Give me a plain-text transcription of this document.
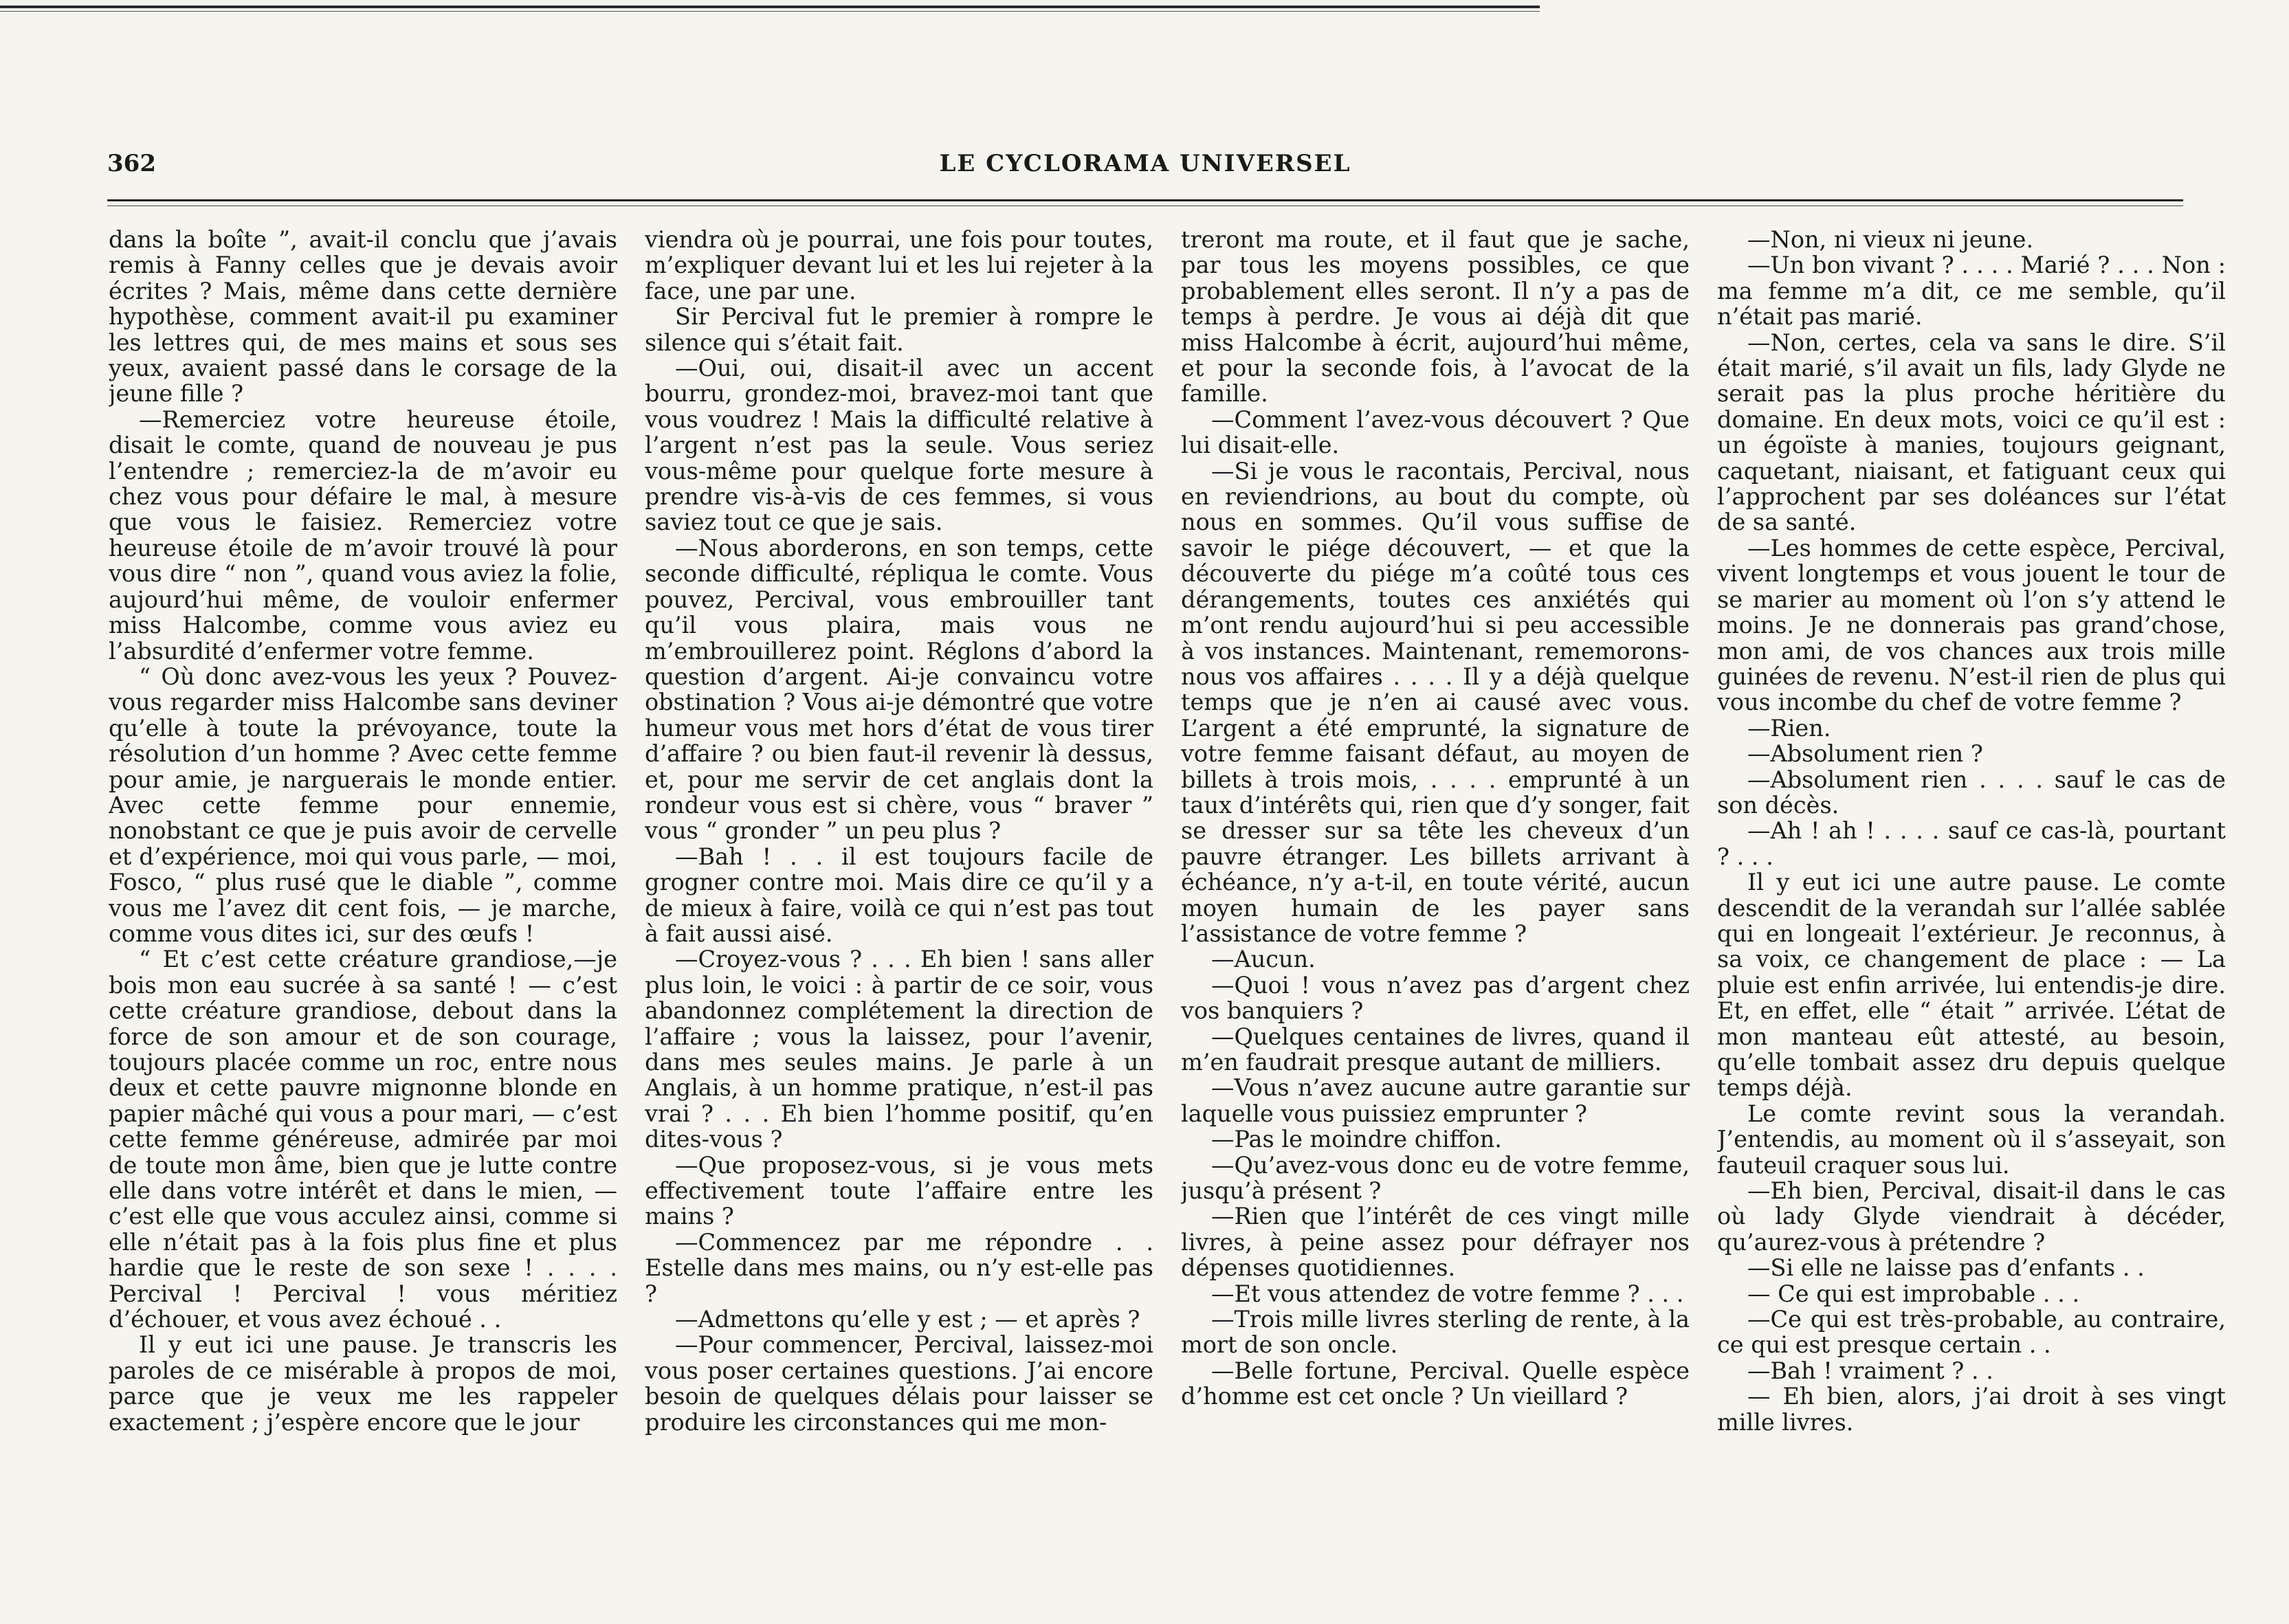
362	LE CYCLORAMA UNIVERSEL

dans la boîte ”, avait-il conclu que j’avais remis à Fanny celles que je devais avoir écrites ? Mais, même dans cette dernière hypothèse, comment avait-il pu examiner les lettres qui, de mes mains et sous ses yeux, avaient passé dans le corsage de la jeune fille ?

—Remerciez votre heureuse étoile, disait le comte, quand de nouveau je pus l’entendre ; remerciez-la de m’avoir eu chez vous pour défaire le mal, à mesure que vous le faisiez. Remerciez votre heureuse étoile de m’avoir trouvé là pour vous dire “ non ”, quand vous aviez la folie, aujourd’hui même, de vouloir enfermer miss Halcombe, comme vous aviez eu l’absurdité d’enfermer votre femme.

“ Où donc avez-vous les yeux ? Pouvez-vous regarder miss Halcombe sans deviner qu’elle à toute la prévoyance, toute la résolution d’un homme ? Avec cette femme pour amie, je narguerais le monde entier. Avec cette femme pour ennemie, nonobstant ce que je puis avoir de cervelle et d’expérience, moi qui vous parle, — moi, Fosco, “ plus rusé que le diable ”, comme vous me l’avez dit cent fois, — je marche, comme vous dites ici, sur des œufs !

“ Et c’est cette créature grandiose,—je bois mon eau sucrée à sa santé ! — c’est cette créature grandiose, debout dans la force de son amour et de son courage, toujours placée comme un roc, entre nous deux et cette pauvre mignonne blonde en papier mâché qui vous a pour mari, — c’est cette femme généreuse, admirée par moi de toute mon âme, bien que je lutte contre elle dans votre intérêt et dans le mien, — c’est elle que vous acculez ainsi, comme si elle n’était pas à la fois plus fine et plus hardie que le reste de son sexe ! . . . . Percival ! Percival ! vous méritiez d’échouer, et vous avez échoué . .

Il y eut ici une pause. Je transcris les paroles de ce misérable à propos de moi, parce que je veux me les rappeler exactement ; j’espère encore que le jour

viendra où je pourrai, une fois pour toutes, m’expliquer devant lui et les lui rejeter à la face, une par une.

Sir Percival fut le premier à rompre le silence qui s’était fait.

—Oui, oui, disait-il avec un accent bourru, grondez-moi, bravez-moi tant que vous voudrez ! Mais la difficulté relative à l’argent n’est pas la seule. Vous seriez vous-même pour quelque forte mesure à prendre vis-à-vis de ces femmes, si vous saviez tout ce que je sais.

—Nous aborderons, en son temps, cette seconde difficulté, répliqua le comte. Vous pouvez, Percival, vous embrouiller tant qu’il vous plaira, mais vous ne m’embrouillerez point. Réglons d’abord la question d’argent. Ai-je convaincu votre obstination ? Vous ai-je démontré que votre humeur vous met hors d’état de vous tirer d’affaire ? ou bien faut-il revenir là dessus, et, pour me servir de cet anglais dont la rondeur vous est si chère, vous “ braver ” vous “ gronder ” un peu plus ?

—Bah ! . . il est toujours facile de grogner contre moi. Mais dire ce qu’il y a de mieux à faire, voilà ce qui n’est pas tout à fait aussi aisé.

—Croyez-vous ? . . . Eh bien ! sans aller plus loin, le voici : à partir de ce soir, vous abandonnez complétement la direction de l’affaire ; vous la laissez, pour l’avenir, dans mes seules mains. Je parle à un Anglais, à un homme pratique, n’est-il pas vrai ? . . . Eh bien l’homme positif, qu’en dites-vous ?

—Que proposez-vous, si je vous mets effectivement toute l’affaire entre les mains ?

—Commencez par me répondre . . Estelle dans mes mains, ou n’y est-elle pas ?

—Admettons qu’elle y est ; — et après ?

—Pour commencer, Percival, laissez-moi vous poser certaines questions. J’ai encore besoin de quelques délais pour laisser se produire les circonstances qui me mon-

treront ma route, et il faut que je sache, par tous les moyens possibles, ce que probablement elles seront. Il n’y a pas de temps à perdre. Je vous ai déjà dit que miss Halcombe à écrit, aujourd’hui même, et pour la seconde fois, à l’avocat de la famille.

—Comment l’avez-vous découvert ? Que lui disait-elle.

—Si je vous le racontais, Percival, nous en reviendrions, au bout du compte, où nous en sommes. Qu’il vous suffise de savoir le piége découvert, — et que la découverte du piége m’a coûté tous ces dérangements, toutes ces anxiétés qui m’ont rendu aujourd’hui si peu accessible à vos instances. Maintenant, rememorons-nous vos affaires . . . . Il y a déjà quelque temps que je n’en ai causé avec vous. L’argent a été emprunté, la signature de votre femme faisant défaut, au moyen de billets à trois mois, . . . . emprunté à un taux d’intérêts qui, rien que d’y songer, fait se dresser sur sa tête les cheveux d’un pauvre étranger. Les billets arrivant à échéance, n’y a-t-il, en toute vérité, aucun moyen humain de les payer sans l’assistance de votre femme ?

—Aucun.

—Quoi ! vous n’avez pas d’argent chez vos banquiers ?

—Quelques centaines de livres, quand il m’en faudrait presque autant de milliers.

—Vous n’avez aucune autre garantie sur laquelle vous puissiez emprunter ?

—Pas le moindre chiffon.

—Qu’avez-vous donc eu de votre femme, jusqu’à présent ?

—Rien que l’intérêt de ces vingt mille livres, à peine assez pour défrayer nos dépenses quotidiennes.

—Et vous attendez de votre femme ? . . .

—Trois mille livres sterling de rente, à la mort de son oncle.

—Belle fortune, Percival. Quelle espèce d’homme est cet oncle ? Un vieillard ?

—Non, ni vieux ni jeune.

—Un bon vivant ? . . . . Marié ? . . . Non : ma femme m’a dit, ce me semble, qu’il n’était pas marié.

—Non, certes, cela va sans le dire. S’il était marié, s’il avait un fils, lady Glyde ne serait pas la plus proche héritière du domaine. En deux mots, voici ce qu’il est : un égoïste à manies, toujours geignant, caquetant, niaisant, et fatiguant ceux qui l’approchent par ses doléances sur l’état de sa santé.

—Les hommes de cette espèce, Percival, vivent longtemps et vous jouent le tour de se marier au moment où l’on s’y attend le moins. Je ne donnerais pas grand’chose, mon ami, de vos chances aux trois mille guinées de revenu. N’est-il rien de plus qui vous incombe du chef de votre femme ?

—Rien.

—Absolument rien ?

—Absolument rien . . . . sauf le cas de son décès.

—Ah ! ah ! . . . . sauf ce cas-là, pourtant ? . . .

Il y eut ici une autre pause. Le comte descendit de la verandah sur l’allée sablée qui en longeait l’extérieur. Je reconnus, à sa voix, ce changement de place : — La pluie est enfin arrivée, lui entendis-je dire. Et, en effet, elle “ était ” arrivée. L’état de mon manteau eût attesté, au besoin, qu’elle tombait assez dru depuis quelque temps déjà.

Le comte revint sous la verandah. J’entendis, au moment où il s’asseyait, son fauteuil craquer sous lui.

—Eh bien, Percival, disait-il dans le cas où lady Glyde viendrait à décéder, qu’aurez-vous à prétendre ?

—Si elle ne laisse pas d’enfants . .

— Ce qui est improbable . . .

—Ce qui est très-probable, au contraire, ce qui est presque certain . .

—Bah ! vraiment ? . .

— Eh bien, alors, j’ai droit à ses vingt mille livres.
